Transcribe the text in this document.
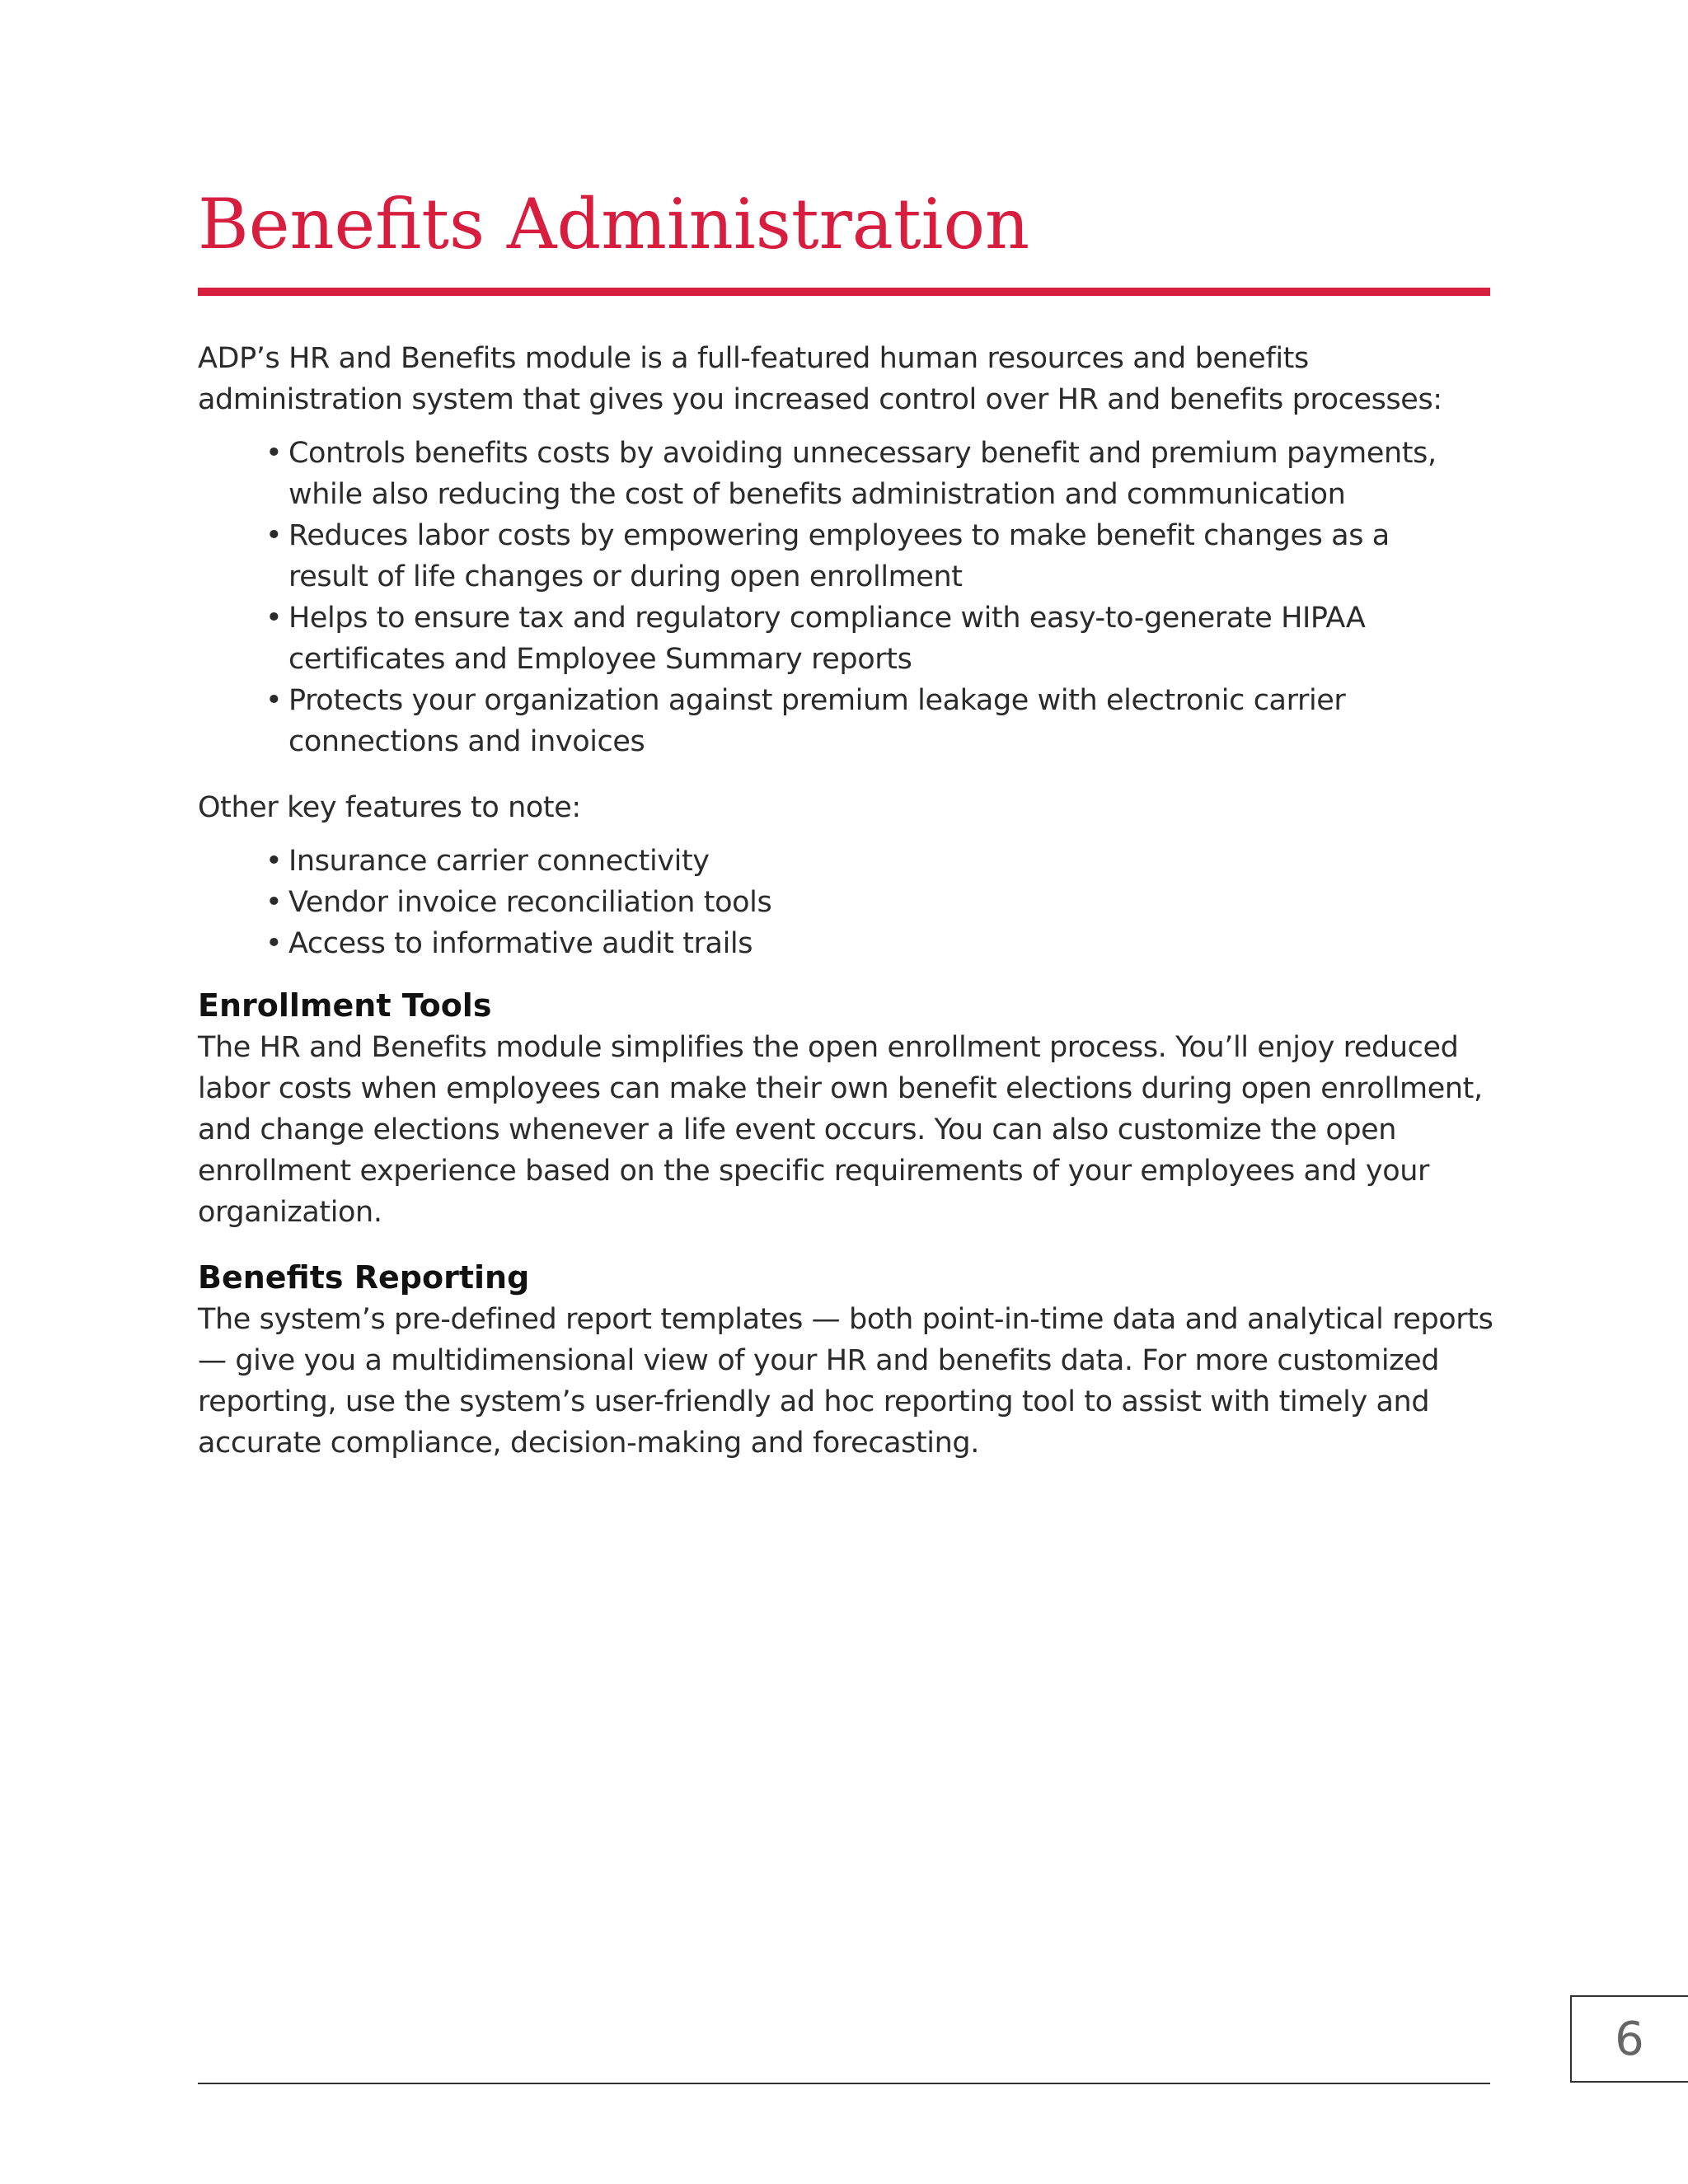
Benefits Administration

ADP’s HR and Benefits module is a full-featured human resources and benefits administration system that gives you increased control over HR and benefits processes:

• Controls benefits costs by avoiding unnecessary benefit and premium payments, while also reducing the cost of benefits administration and communication
• Reduces labor costs by empowering employees to make benefit changes as a result of life changes or during open enrollment
• Helps to ensure tax and regulatory compliance with easy-to-generate HIPAA certificates and Employee Summary reports
• Protects your organization against premium leakage with electronic carrier connections and invoices

Other key features to note:

• Insurance carrier connectivity
• Vendor invoice reconciliation tools
• Access to informative audit trails
Enrollment Tools

The HR and Benefits module simplifies the open enrollment process. You’ll enjoy reduced labor costs when employees can make their own benefit elections during open enrollment, and change elections whenever a life event occurs. You can also customize the open enrollment experience based on the specific requirements of your employees and your organization.

Benefits Reporting

The system’s pre-defined report templates — both point-in-time data and analytical reports — give you a multidimensional view of your HR and benefits data. For more customized reporting, use the system’s user-friendly ad hoc reporting tool to assist with timely and accurate compliance, decision-making and forecasting.

6
